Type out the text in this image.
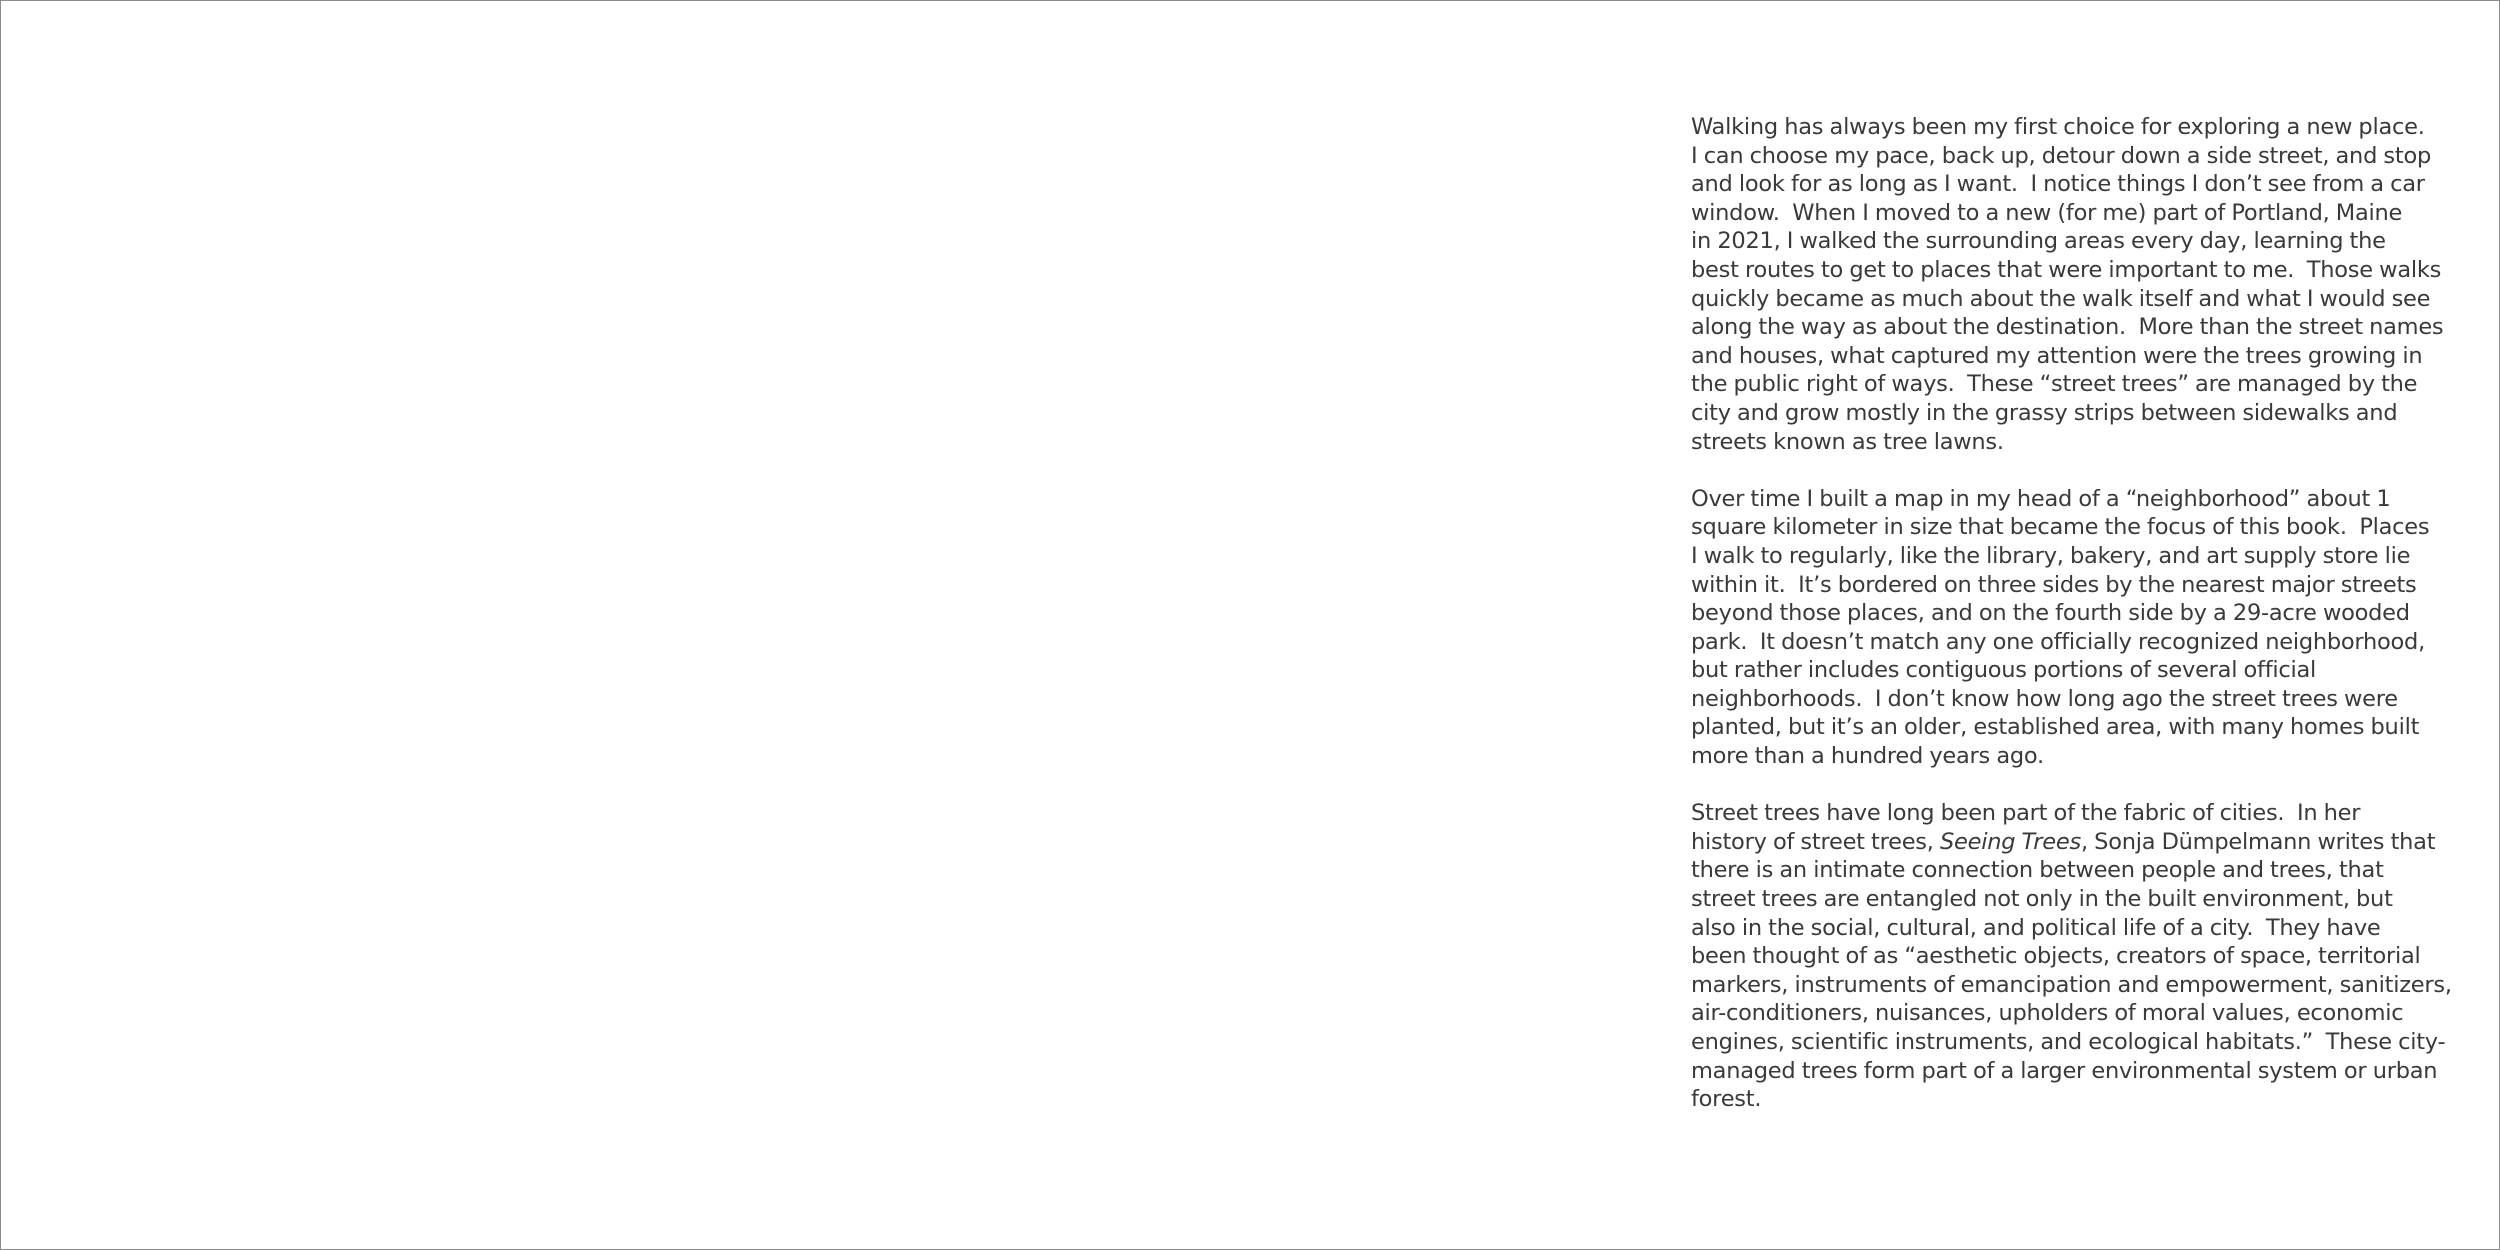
Walking has always been my first choice for exploring a new place.
I can choose my pace, back up, detour down a side street, and stop
and look for as long as I want.  I notice things I don’t see from a car
window.  When I moved to a new (for me) part of Portland, Maine
in 2021, I walked the surrounding areas every day, learning the
best routes to get to places that were important to me.  Those walks
quickly became as much about the walk itself and what I would see
along the way as about the destination.  More than the street names
and houses, what captured my attention were the trees growing in
the public right of ways.  These “street trees” are managed by the
city and grow mostly in the grassy strips between sidewalks and
streets known as tree lawns.
Over time I built a map in my head of a “neighborhood” about 1
square kilometer in size that became the focus of this book.  Places
I walk to regularly, like the library, bakery, and art supply store lie
within it.  It’s bordered on three sides by the nearest major streets
beyond those places, and on the fourth side by a 29-acre wooded
park.  It doesn’t match any one officially recognized neighborhood,
but rather includes contiguous portions of several official
neighborhoods.  I don’t know how long ago the street trees were
planted, but it’s an older, established area, with many homes built
more than a hundred years ago.
Street trees have long been part of the fabric of cities.  In her
history of street trees, Seeing Trees, Sonja Dümpelmann writes that
there is an intimate connection between people and trees, that
street trees are entangled not only in the built environment, but
also in the social, cultural, and political life of a city.  They have
been thought of as “aesthetic objects, creators of space, territorial
markers, instruments of emancipation and empowerment, sanitizers,
air-conditioners, nuisances, upholders of moral values, economic
engines, scientific instruments, and ecological habitats.”  These city-
managed trees form part of a larger environmental system or urban
forest.
